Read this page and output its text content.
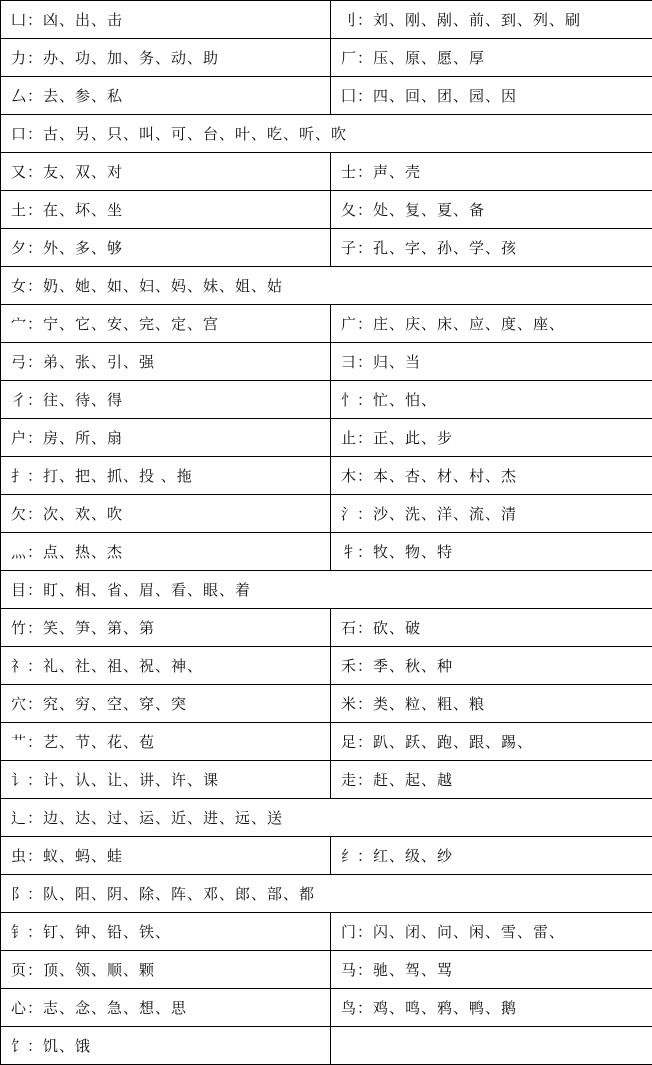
凵：凶、出、击	刂：刘、刚、剐、前、到、列、刷
力：办、功、加、务、动、助	厂：压、原、愿、厚
厶：去、参、私	囗：四、回、团、园、因
口：古、另、只、叫、可、台、叶、吃、听、吹	
又：友、双、对	士：声、壳
土：在、坏、坐	夂：处、复、夏、备
夕：外、多、够	子：孔、字、孙、学、孩
女：奶、她、如、妇、妈、妹、姐、姑	
宀：宁、它、安、完、定、宫	广：庄、庆、床、应、度、座、
弓：弟、张、引、强	彐：归、当
彳：往、待、得	忄：忙、怕、
户：房、所、扇	止：正、此、步
扌：打、把、抓、投 、拖	木：本、杏、材、村、杰
欠：次、欢、吹	氵：沙、洗、洋、流、清
灬：点、热、杰	牜：牧、物、特
目：盯、相、省、眉、看、眼、着	
竹：笑、笋、第、第	石：砍、破
礻：礼、社、祖、祝、神、	禾：季、秋、种
穴：究、穷、空、穿、突	米：类、粒、粗、粮
艹：艺、节、花、苞	足：趴、跃、跑、跟、踢、
讠：计、认、让、讲、许、课	走：赶、起、越
辶：边、达、过、运、近、进、远、送	
虫：蚁、蚂、蛙	纟：红、级、纱
阝：队、阳、阴、除、阵、邓、郎、部、都	
钅：钉、钟、铅、铁、	门：闪、闭、问、闲、雪、雷、
页：顶、领、顺、颗	马：驰、驾、骂
心：志、念、急、想、思	鸟：鸡、鸣、鸦、鸭、鹅
饣：饥、饿	
